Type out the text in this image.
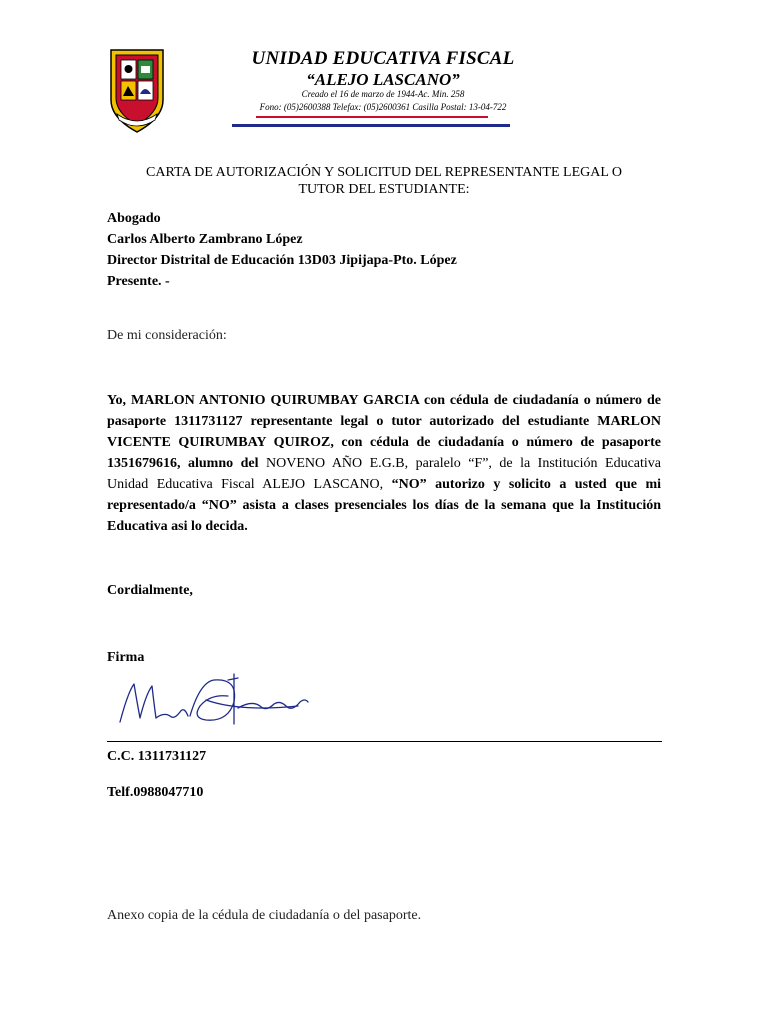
UNIDAD EDUCATIVA FISCAL
“ALEJO LASCANO”
Creado el 16 de marzo de 1944-Ac. Min. 258
Fono: (05)2600388 Telefax: (05)2600361 Casilla Postal: 13-04-722
CARTA DE AUTORIZACIÓN Y SOLICITUD DEL REPRESENTANTE LEGAL O
TUTOR DEL ESTUDIANTE:
Abogado
Carlos Alberto Zambrano López
Director Distrital de Educación 13D03 Jipijapa-Pto. López
Presente. -
De mi consideración:
Yo, MARLON ANTONIO QUIRUMBAY GARCIA con cédula de ciudadanía o número de pasaporte 1311731127 representante legal o tutor autorizado del estudiante MARLON VICENTE QUIRUMBAY QUIROZ, con cédula de ciudadanía o número de pasaporte 1351679616, alumno del NOVENO AÑO E.G.B, paralelo “F”, de la Institución Educativa Unidad Educativa Fiscal ALEJO LASCANO, “NO” autorizo y solicito a usted que mi representado/a “NO” asista a clases presenciales los días de la semana que la Institución Educativa asi lo decida.
Cordialmente,
Firma
C.C. 1311731127
Telf.0988047710
Anexo copia de la cédula de ciudadanía o del pasaporte.
